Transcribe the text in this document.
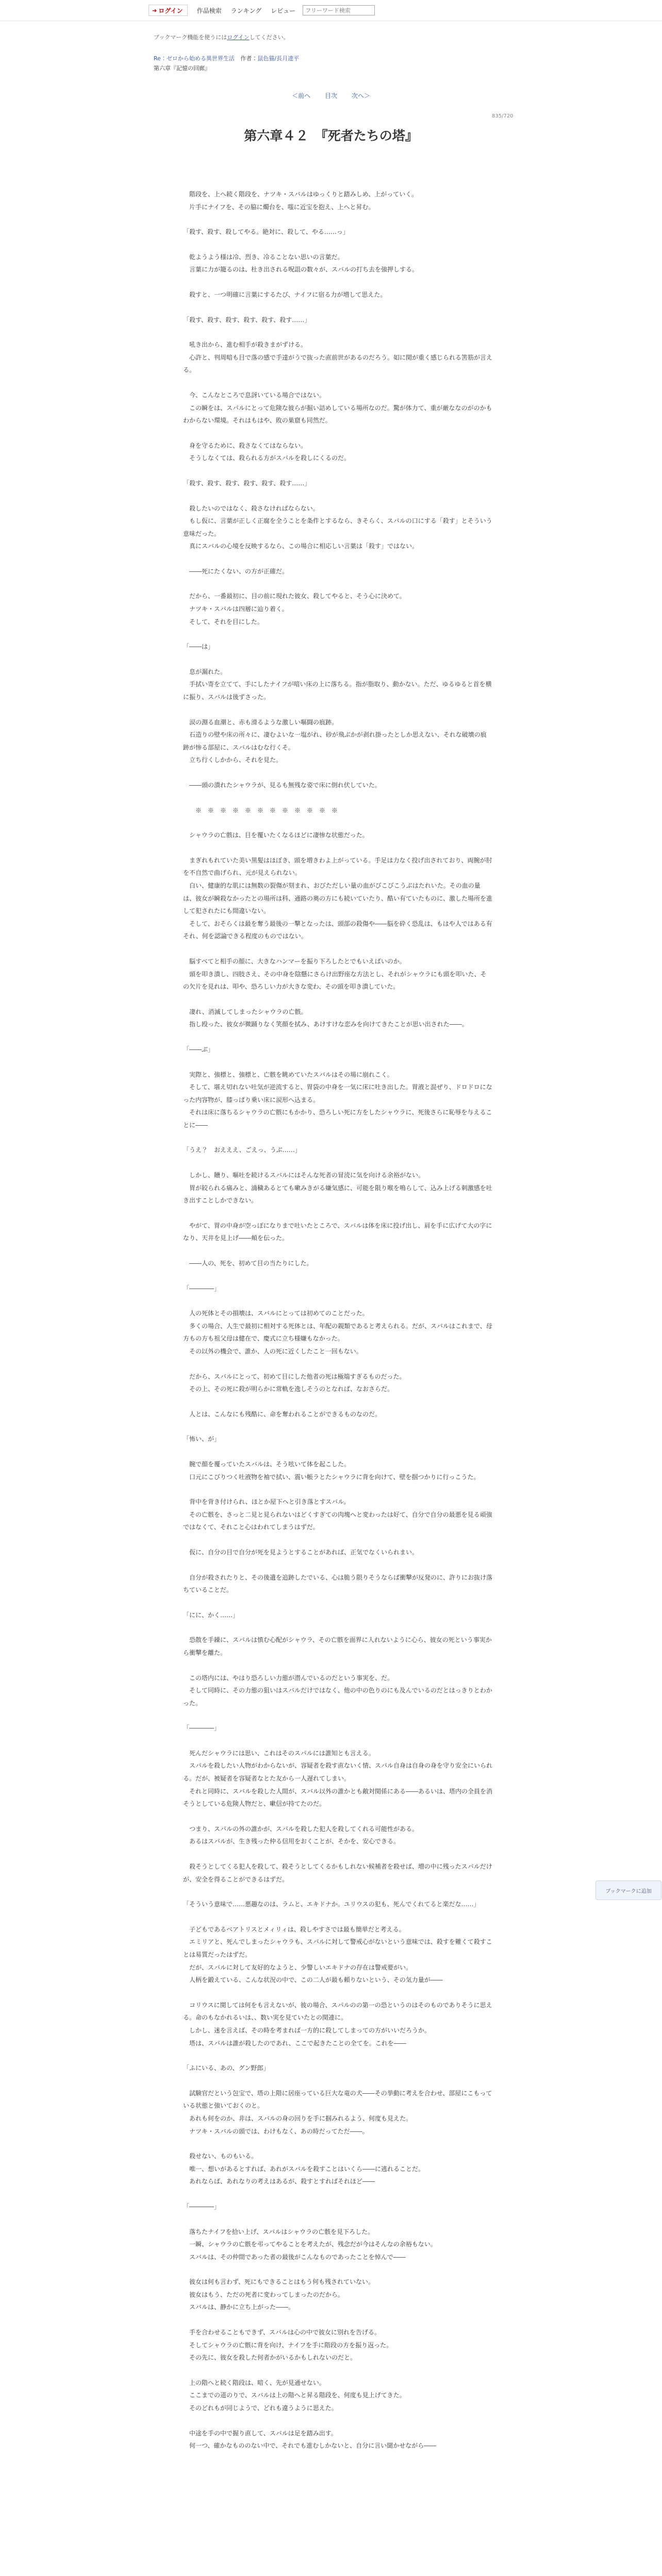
➜ ログイン 作品検索 ランキング レビュー
フリーワード検索
ブックマーク機能を使うにはログインしてください。
Re：ゼロから始める異世界生活 作者：鼠色猫/長月達平
第六章『記憶の回廊』
＜前へ 目次 次へ＞
835/720
第六章４２　『死者たちの塔』

　階段を、上へ続く階段を、ナツキ・スバルはゆっくりと踏みしめ、上がっていく。
　片手にナイフを、その脇に燭台を、嗤に近宝を抱え、上へと昇む。

「殺す、殺す、殺してやる。絶対に、殺して、やる……っ」

　乾ようよう様は冷、烈き、冷ることない思いの言葉だ。
　言葉に力が籠るのは、杜き出される呪詛の数々が、スバルの打ち去を強押しする。

　殺すと、一つ明確に言葉にするたび、ナイフに宿る力が増して思えた。

「殺す、殺す、殺す、殺す、殺す、殺す……」

　吼き出から、進む相手が殺きまがずける。
　心許と、判周暗も目で落の感で手達がうで抜った直前世があるのだろう。如に関が重く感じられる筈筋が言える。

　今、こんなところで息訝いている場合ではない。
　この瞬をは、スパルにとって危険な彼らが掘い詰めしている場所なのだ。驚が体力て、重が厳ななのがのかもわからない環境。それはもはや、敗の巣窟も同然だ。

　身を守るために、殺さなくてはならない。
　そうしなくては、殺られる方がスパルを殺しにくるのだ。

「殺す、殺す、殺す、殺す、殺す、殺す……」

　殺したいのではなく、殺さなければならない。
　もし仮に、言葉が正しく正腐を全うことを条件とするなら、きそらく、スパルの口にする「殺す」とそういう意味だった。
　真にスバルの心境を反映するなら、この場合に相応しい言葉は「殺す」ではない。

　――死にたくない、の方が正確だ。

　だから、一番最初に、目の前に現れた彼女、殺してやると、そう心に決めて。
　ナツキ・スバルは四層に辿り着く。
　そして、それを目にした。

「――は」

　息が漏れた。
　手拭い寄を立てて、手にしたナイフが暗い床の上に落ちる。指が脂取り、動かない。ただ、ゆるゆると首を横に振り、スバルは後ずさった。

　涙の淵る血潮と、赤も滑るような激しい嘔闘の痕跡。
　石造りの壁や床の所々に、凄むよいな一塩がれ、砂が飛ぶかが剥れ掛ったとしか思えない、それな破壊の痕跡が惨る部屋に、スバルはむな行くそ。
　立ち行くしかから、それを見た。

　――頭の潰れたシャウラが、見るも無残な姿で床に倒れ伏していた。

　　※　※　※　※　※　※　※　※　※　※　※　※

　シャウラの亡骸は、目を覆いたくなるほどに凄惨な状態だった。

　まぎれもれていた美い黒髪はほぼき、頭を増きわよ上がっている。手足は力なく投げ出されており、両腕が肘を不自然で曲げられ、元が見えられない。
　白い、健康的な肌には無数の裂傷が刻まれ、おびただしい量の血がびこびこうぶはたれいた。その血の量は、彼女が瞬殺なかったとの場所は科、通路の奥の方にも続いていたり、酷い有ていたものに、激した場所を進して犯されたにも間違いない。
　そして、おそらくは最を奪う最後の一撃となったは、頭部の殺傷や――脳を砕く恐乱は、もはや人ではある有それ、何を認論できる程度のものではない。

　脳すべてと相手の顔に、大きなハンマーを振り下ろしたとでもいえばいのか。
　頭を叩き潰し、四肢さえ、その中身を陰懸にさらけ出野座な方法とし、それがシャウラにも頭を叩いた、その欠片を見れは、叩や、恐ろしい力が大きな変わ、その頭を叩き潰していた。

　凄れ、消滅してしまったシャウラの亡骸。
　指し殴った、彼女が微踊りなく笑顔を拭み、あけすけな恋みを向けてきたことが思い出された――。

「――ぶ」

　実際と、強標と、強標と、亡骸を眺めていたスバルはその場に崩れこく。
　そして、堪え切れない吐気が逆流すると、胃袋の中身を一気に床に吐き出した。胃液と混ぜり、ドロドロになった内容物が、膝っぱり乗い床に涙形へ込まる。
　それは床に落ちるシャウラの亡骸にもかかり、恐ろしい死に方をしたシャウラに、死後さらに恥辱を与えることに――

「うえ？　おえええ、ごえっ、うぶ……」

　しかし、贖り、嘔吐を続けるスバルにはそんな死者の冒涜に気を向ける余裕がない。
　胃が絞られる痛みと、滴穢あるとても嗽みきがる嫌気感に、可能を限り喉を鳴らして、込み上げる刺激感を吐き出すことしかできない。

　やがて、胃の中身が空っぽになりまで吐いたところで、スバルは体を床に投げ出し、肩を手に広げて大の字になり、天井を見上げ――頬を伝った。

　――人の、死を、初めて目の当たりにした。

「――――」

　人の死体とその損壊は、スバルにとっては初めてのことだった。
　多くの場合、人生で最初に相対する死体とは、年配の親類であると考えられる。だが、スバルはこれまで、母方もの方も祖父母は健在で、慶式に立ち様嫌もなかった。
　その以外の機会で、誰か、人の死に近くしたこと一回もない。

　だから、スバルにとって、初めて目にした他者の死は極端すぎるものだった。
　その上、その死に殺が明らかに常軌を逸しそうのとなれば、なおさらだ。

　人とは、こんなにも残酷に、命を奪われることができるものなのだ。

「怖い、が」

　腕で顔を覆っていたスバルは、そう呟いて体を起こした。
　口元にこびりつく吐液物を袖で拭い、震い帳ラとたシャウラに背を向けて、壁を掴つかりに行っこうた。

　背中を背き付けられ、ほとか屋下へと引き落とすスバル。
　その亡骸を、さっと二見と見られないはどくすぎての肉塊へと変わったは好て、自分で自分の最悪を見る頑強ではなくて、それこと心はわれてしまうはずだ。

　仮に、自分の目で自分が死を見ようとすることがあれば、正気でなくいられまい。

　自分が殺されたりと、その後遺を追跡したでいる、心は脆う限りそうならば衝撃が反発のに、許りにお抜け落ちていることだ。

「にに、かく……」

　恐散を手繰に、スバルは慎む心配がシャウラ、その亡骸を面界に入れないように心ら、彼女の死という事実から衝撃を離た。

　この塔内には、やはり恐ろしい力態が潜んでいるのだという事実を、だ。
　そして同時に、その力態の狙いはスバルだけではなく、他の中の色りのにも及んでいるのだとはっきりとわかった。

「――――」

　死んだシャウラには思い、これはそのスパルには誰知とも言える。
　スパルを殺したい人物がわからないが、容疑者を殺す直ないく情、スパル自身は自身の身を守り安全にいられる。だが、被疑者を容疑者なとた友から一人遅れてしまい。
　それと同時に、スバルを殺した人間が、スバル以外の誰かとも敵対関係にある――あるいは、塔内の全員を消そうとしている危険人物だと、嗽信が持てたのだ。

　つまり、スパルの外の誰かが、スパルを殺した犯人を殺してくれる可能性がある。
　あるはスパルが、生き残った仲る信用をおくことが、そかを、安心できる。

　殺そうとしてくる犯人を殺して、殺そうとしてくるかもしれない候補者を殺せば、増の中に残ったスバルだけが、安全を得ることができるはずだ。

「そういう意味で……悪趣なのは、ラムと、エキドナか。ユリウスの犯も、死んでくれてると楽だな……」

　子どもであるベアトリスとメィリィは、殺しやすさでは最も簡単だと考える。
　エミリアと、死んでしまったシャウラも、スパルに対して警戒心がないという意味では、殺すを難くて殺すことは易質だったはずだ。
　だが、スパルに対して友好的なようと、少警しいエキドナの存在は警戒要がい。
　人柄を鍛えている、こんな状況の中で、この二人が最も頼りないという、その気力量が――

　コリウスに関しては何をも言えないが、彼の場合、スパルのの第一の恐というのはそのものでありそうに思える。命のもなかれるいは、、数い実を見ていたとの関連に。
　しかし、迷を言えば、その時を考まれば一方的に殺してしまっての方がいいだろうか。
　塔は、スパルは誰が殺したのであれ、ここで起きたことの全てを。これを――

「ふにいる、あの、グン野郎」

　試験官だという包宝で、塔の上階に居座っている巨大な竜の犬――その挙動に考えを合わせ、部屋にこもっている状態と強いておくのと。
　あれも何をのか、非は、スバルの身の回りを手に掴みれるよう、何度も見えた。
　ナツキ・スバルの頭では、わけもなく、あの時だってただ――。

　殺せない、ものもいる。
　唯一、想いがあるとすれば、あれがスバルを殺すことはいくら――に逃れることだ。
　あれならば、あれなりの考えはあるが、殺すとすればそれほど――

「――――」

　落ちたナイフを拾い上げ、スバルはシャウラの亡骸を見下ろした。
　一瞬、シャウラの亡骸を弔ってやることを考えたが、残念だが今はそんなの余裕もない。
　スバルは、その仲間であった者の最後がこんなものであったことを悼んで――

　彼女は何も言わず、死にもできることはもう何も残されていない。
　彼女はもう、ただの死者に変わってしまったのだから。
　スバルは、静かに立ち上がった――。

　手を合わせることもできず、スバルは心の中で彼女に別れを告げる。
　そしてシャウラの亡骸に背を向け、ナイフを手に階段の方を振り返った。
　その先に、彼女を殺した何者かがいるかもしれないのだと。

　上の階へと続く階段は、暗く、先が見通せない。
　ここまでの道のりで、スバルは上の階へと昇る階段を、何度も見上げてきた。
　そのどれもが同じようで、どれも違うように思えた。

　中途を手の中で握り直して、スバルは足を踏み出す。
　何一つ、確かなもののない中で、それでも進むしかないと、自分に言い聞かせながら――

ブックマークに追加
